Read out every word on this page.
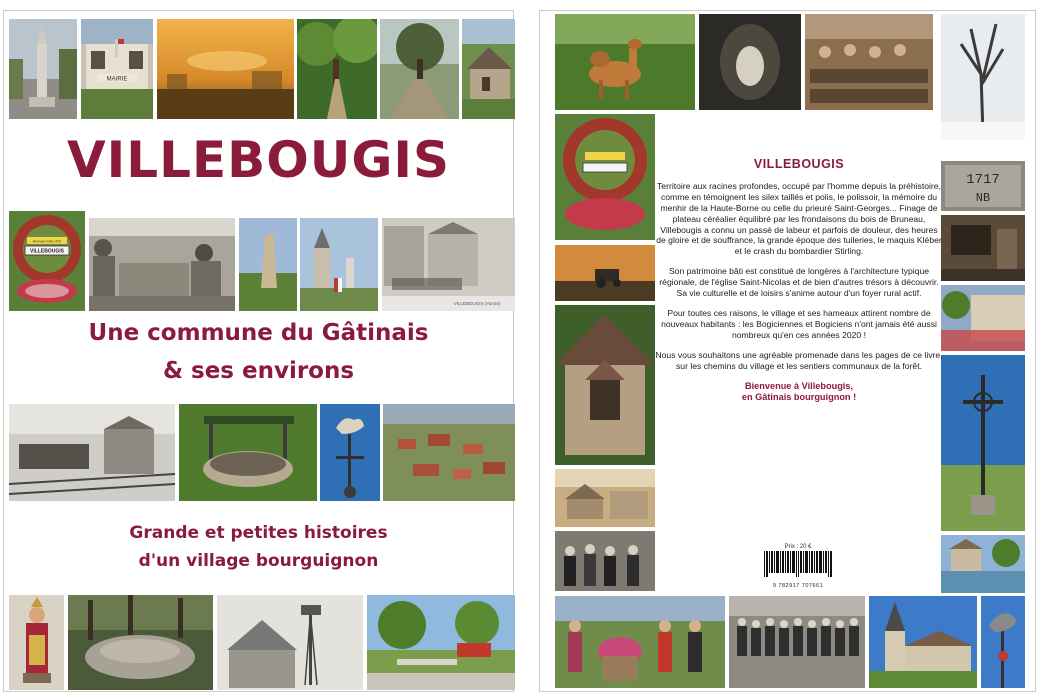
MAIRIE
VILLEBOUGIS
Avenue-Côte-d'Or
VILLEBOUGIS
VILLEBOUGIS (Yonne)
Une commune du Gâtinais
& ses environs
Grande et petites histoires
d'un village bourguignon
1717
NB

VILLEBOUGIS

Territoire aux racines profondes, occupé par l'homme depuis la préhistoire, comme en témoignent les silex taillés et polis, le polissoir, la mémoire du menhir de la Haute-Borne ou celle du prieuré Saint-Georges... Finage de plateau céréalier équilibré par les frondaisons du bois de Bruneau, Villebougis a connu un passé de labeur et parfois de douleur, des heures de gloire et de souffrance, la grande époque des tuileries, le maquis Kléber et le crash du bombardier Stirling.

Son patrimoine bâti est constitué de longères à l'architecture typique régionale, de l'église Saint-Nicolas et de bien d'autres trésors à découvrir. Sa vie culturelle et de loisirs s'anime autour d'un foyer rural actif.

Pour toutes ces raisons, le village et ses hameaux attirent nombre de nouveaux habitants : les Bogiciennes et Bogiciens n'ont jamais été aussi nombreux qu'en ces années 2020 !

Nous vous souhaitons une agréable promenade dans les pages de ce livre, sur les chemins du village et les sentiers communaux de la forêt.

Bienvenue à Villebougis,
en Gâtinais bourguignon !

Prix : 20 €
9 782917 707661
